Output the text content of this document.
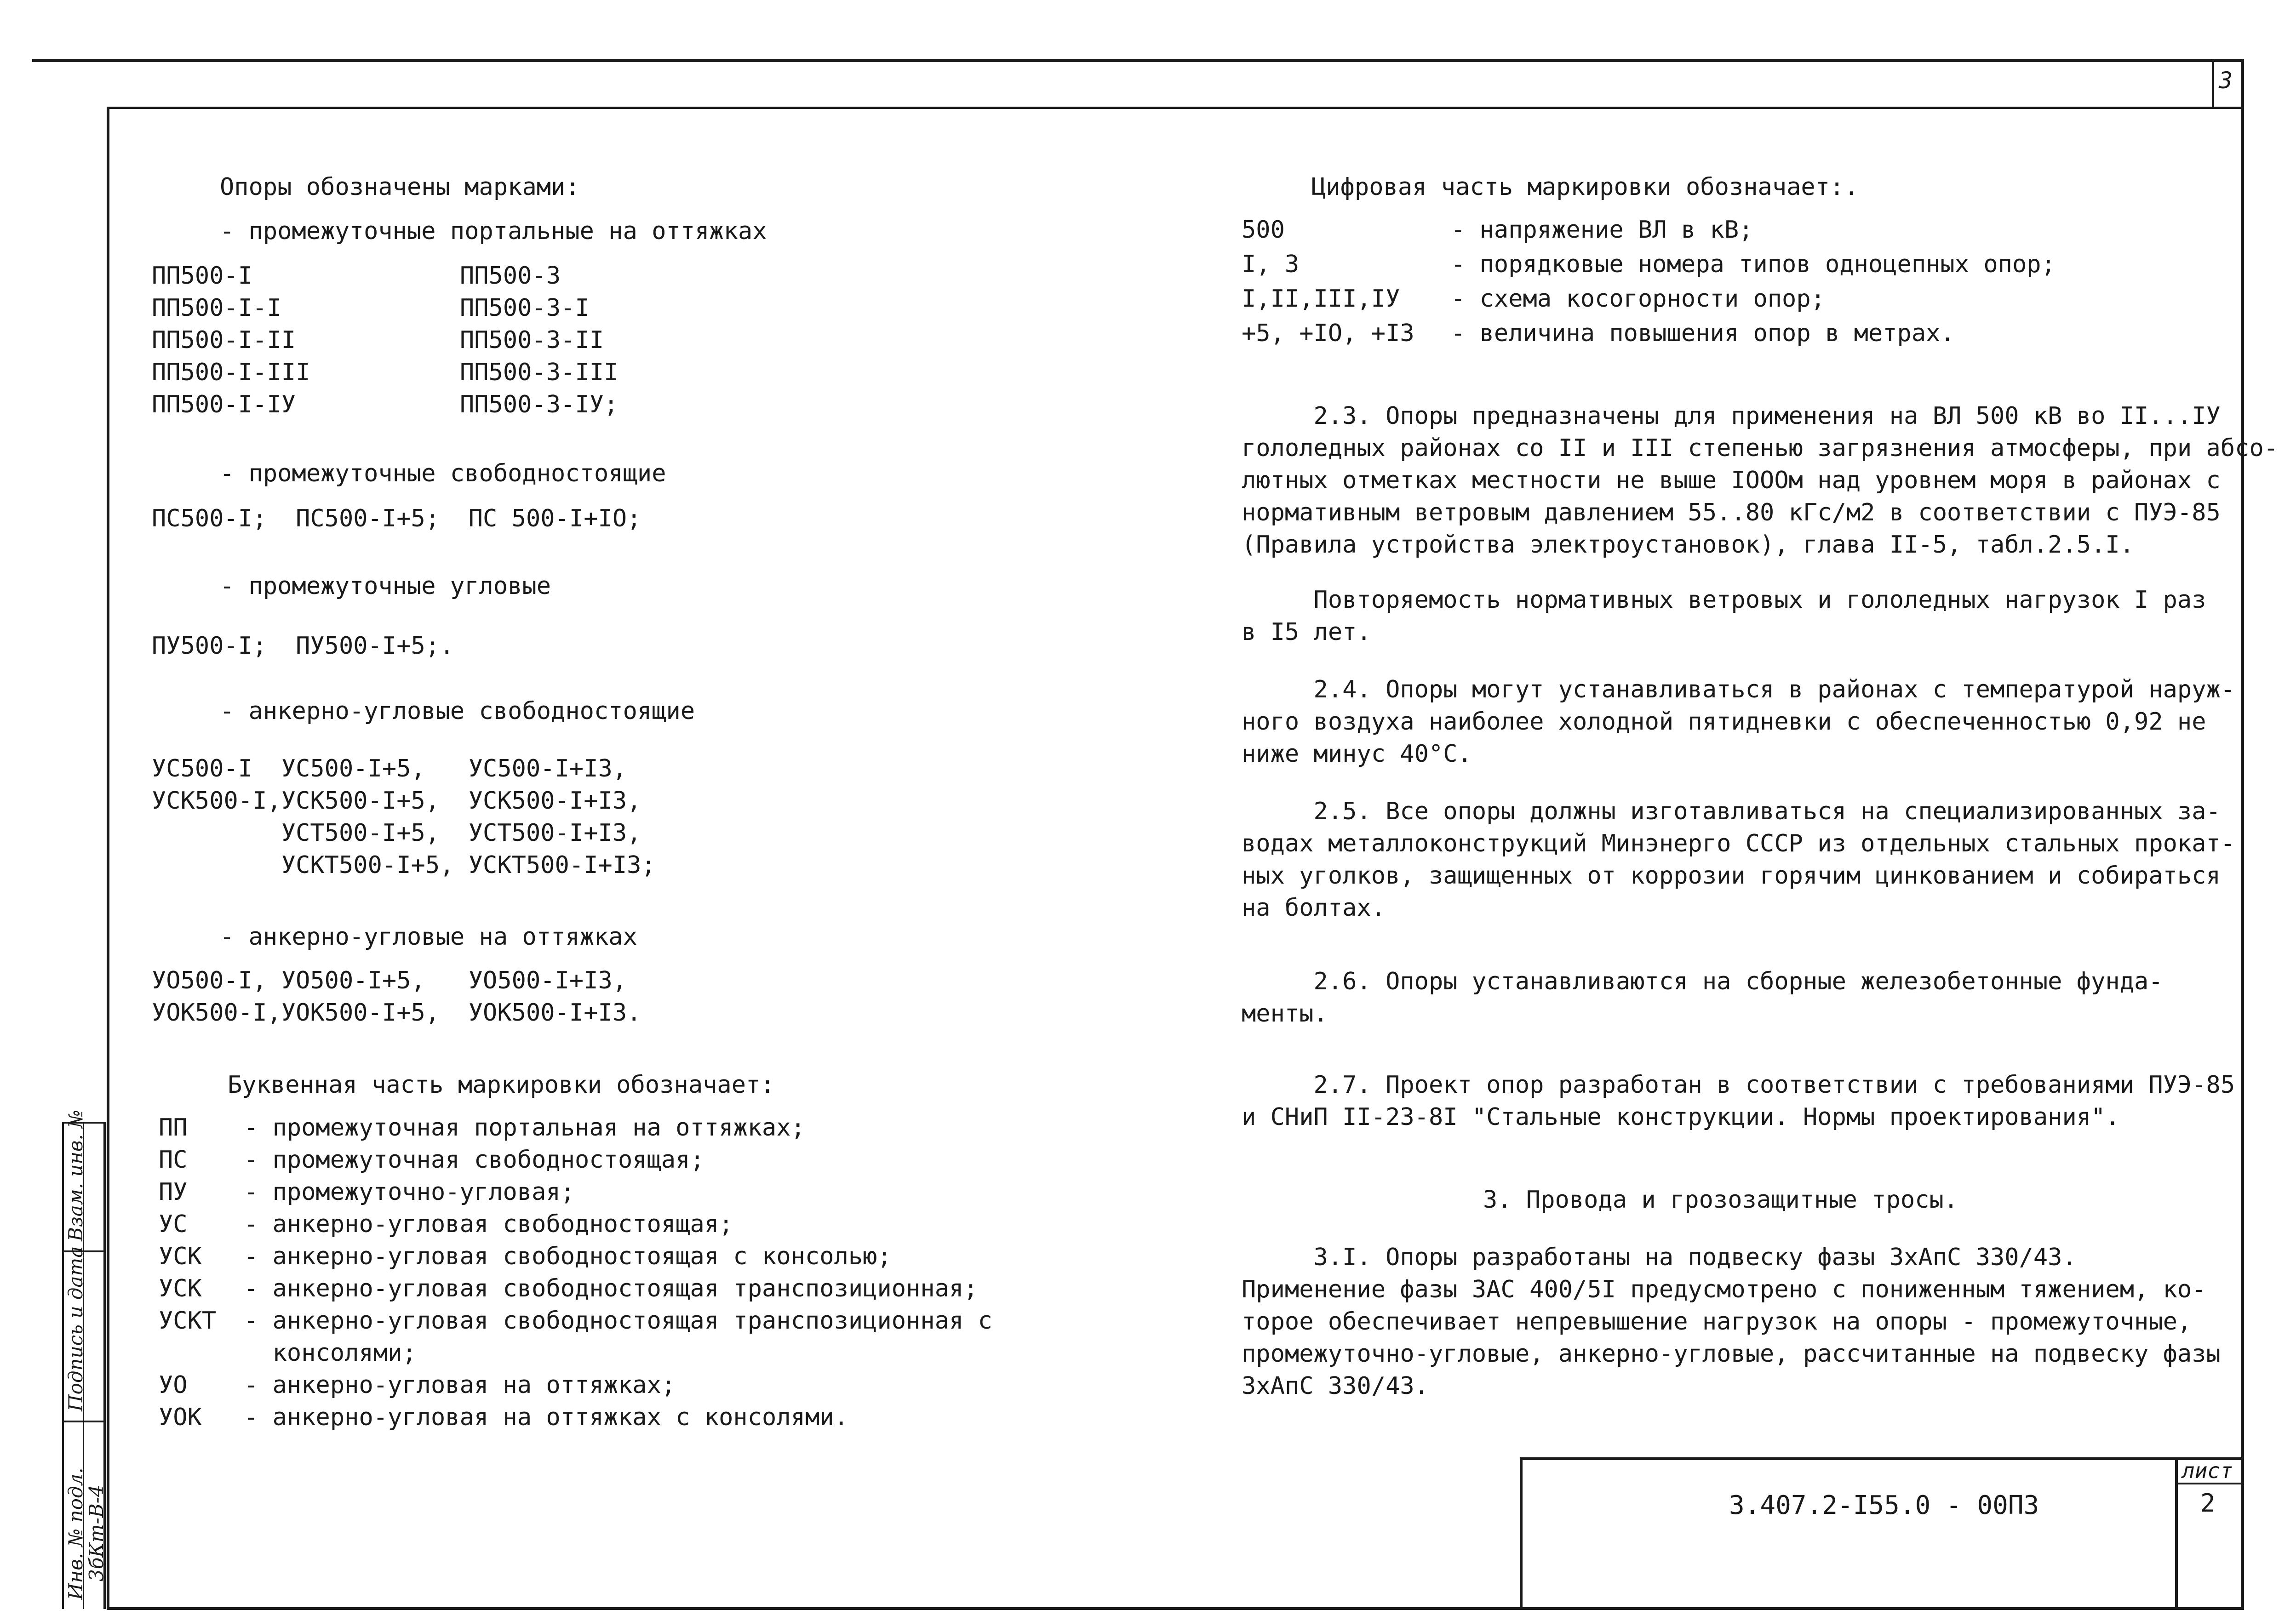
3
лист
2
3.407.2-I55.0 - 00ПЗ
Взам. инв. №
Подпись и дата
Инв. № подл.
3бКm-В-4
Опоры обозначены марками:
- промежуточные портальные на оттяжках
ПП500-I
ПП500-I-I
ПП500-I-II
ПП500-I-III
ПП500-I-IУ
ПП500-3
ПП500-3-I
ПП500-3-II
ПП500-3-III
ПП500-3-IУ;
- промежуточные свободностоящие
ПС500-I;  ПС500-I+5;  ПС 500-I+IO;
- промежуточные угловые
ПУ500-I;  ПУ500-I+5;.
- анкерно-угловые свободностоящие
УС500-I  УС500-I+5,   УС500-I+I3,
УСК500-I,УСК500-I+5,  УСК500-I+I3,
УСТ500-I+5,  УСТ500-I+I3,
УСКТ500-I+5, УСКТ500-I+I3;
- анкерно-угловые на оттяжках
УО500-I, УО500-I+5,   УО500-I+I3,
УОК500-I,УОК500-I+5,  УОК500-I+I3.
Буквенная часть маркировки обозначает:
ПП - промежуточная портальная на оттяжках;
ПС - промежуточная свободностоящая;
ПУ - промежуточно-угловая;
УС - анкерно-угловая свободностоящая;
УСК - анкерно-угловая свободностоящая с консолью;
УСК - анкерно-угловая свободностоящая транспозиционная;
УСКТ - анкерно-угловая свободностоящая транспозиционная с
консолями;
УО - анкерно-угловая на оттяжках;
УОК - анкерно-угловая на оттяжках с консолями.
Цифровая часть маркировки обозначает:.
500	- напряжение ВЛ в кВ;
I, 3	- порядковые номера типов одноцепных опор;
I,II,III,IУ - схема косогорности опор;
+5, +IO, +I3 - величина повышения опор в метрах.
2.3. Опоры предназначены для применения на ВЛ 500 кВ во II...IУ
гололедных районах со II и III степенью загрязнения атмосферы, при абсо-
лютных отметках местности не выше IOOOм над уровнем моря в районах с
нормативным ветровым давлением 55..80 кГс/м2 в соответствии с ПУЭ-85
(Правила устройства электроустановок), глава II-5, табл.2.5.I.
Повторяемость нормативных ветровых и гололедных нагрузок I раз
в I5 лет.
2.4. Опоры могут устанавливаться в районах с температурой наруж-
ного воздуха наиболее холодной пятидневки с обеспеченностью 0,92 не
ниже минус 40°С.
2.5. Все опоры должны изготавливаться на специализированных за-
водах металлоконструкций Минэнерго СССР из отдельных стальных прокат-
ных уголков, защищенных от коррозии горячим цинкованием и собираться
на болтах.
2.6. Опоры устанавливаются на сборные железобетонные фунда-
менты.
2.7. Проект опор разработан в соответствии с требованиями ПУЭ-85
и СНиП II-23-8I "Стальные конструкции. Нормы проектирования".
3. Провода и грозозащитные тросы.
3.I. Опоры разработаны на подвеску фазы 3хАпС 330/43.
Применение фазы 3АС 400/5I предусмотрено с пониженным тяжением, ко-
торое обеспечивает непревышение нагрузок на опоры - промежуточные,
промежуточно-угловые, анкерно-угловые, рассчитанные на подвеску фазы
3хАпС 330/43.
